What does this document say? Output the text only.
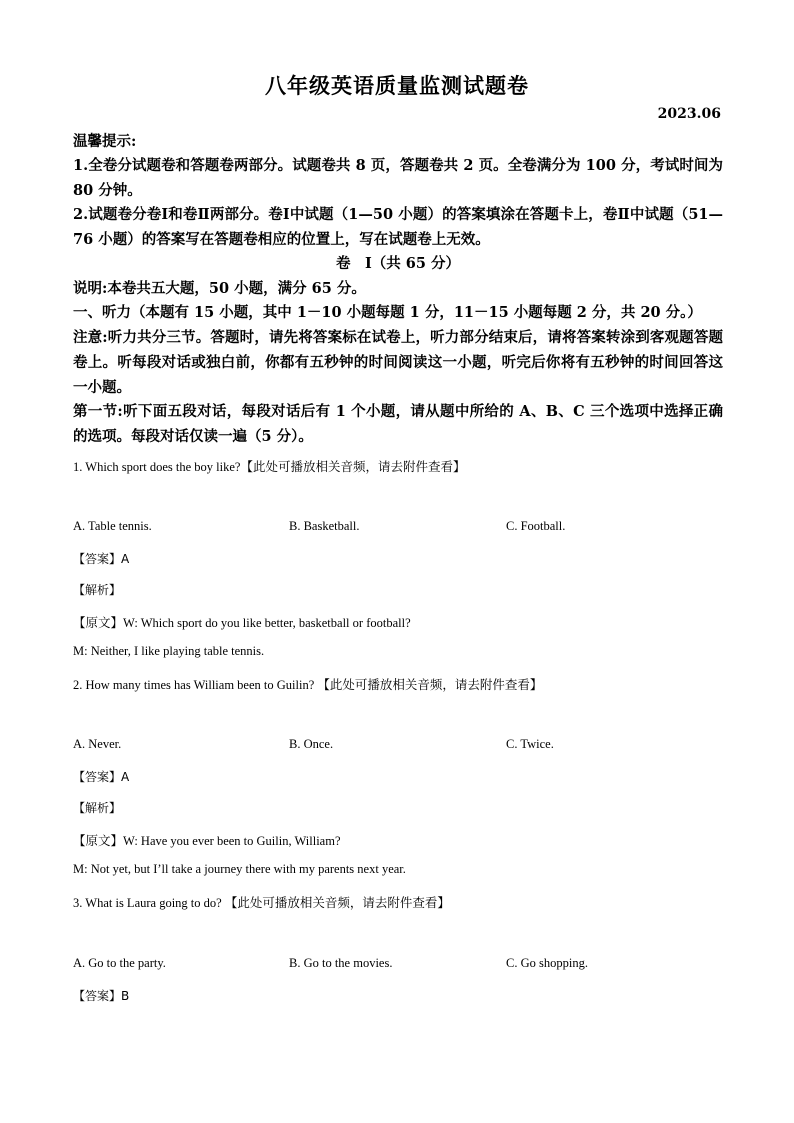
八年级英语质量监测试题卷
2023.06
温馨提示:
1.全卷分试题卷和答题卷两部分。试题卷共 8 页，答题卷共 2 页。全卷满分为 100 分，考试时间为 80 分钟。
2.试题卷分卷Ⅰ和卷Ⅱ两部分。卷Ⅰ中试题（1—50 小题）的答案填涂在答题卡上，卷Ⅱ中试题（51—76 小题）的答案写在答题卷相应的位置上，写在试题卷上无效。
卷　Ⅰ（共 65 分）
说明:本卷共五大题，50 小题，满分 65 分。
一、听力（本题有 15 小题，其中 1－10 小题每题 1 分，11－15 小题每题 2 分，共 20 分。）
注意:听力共分三节。答题时，请先将答案标在试卷上，听力部分结束后，请将答案转涂到客观题答题卷上。听每段对话或独白前，你都有五秒钟的时间阅读这一小题，听完后你将有五秒钟的时间回答这一小题。
第一节:听下面五段对话，每段对话后有 1 个小题，请从题中所给的 A、B、C 三个选项中选择正确的选项。每段对话仅读一遍（5 分）。
1. Which sport does the boy like?【此处可播放相关音频，请去附件查看】
A. Table tennis.	B. Basketball.	C. Football.
【答案】A
【解析】
【原文】W: Which sport do you like better, basketball or football?
M: Neither, I like playing table tennis.
2. How many times has William been to Guilin? 【此处可播放相关音频，请去附件查看】
A. Never.	B. Once.	C. Twice.
【答案】A
【解析】
【原文】W: Have you ever been to Guilin, William?
M: Not yet, but I’ll take a journey there with my parents next year.
3. What is Laura going to do? 【此处可播放相关音频，请去附件查看】
A. Go to the party.	B. Go to the movies.	C. Go shopping.
【答案】B
